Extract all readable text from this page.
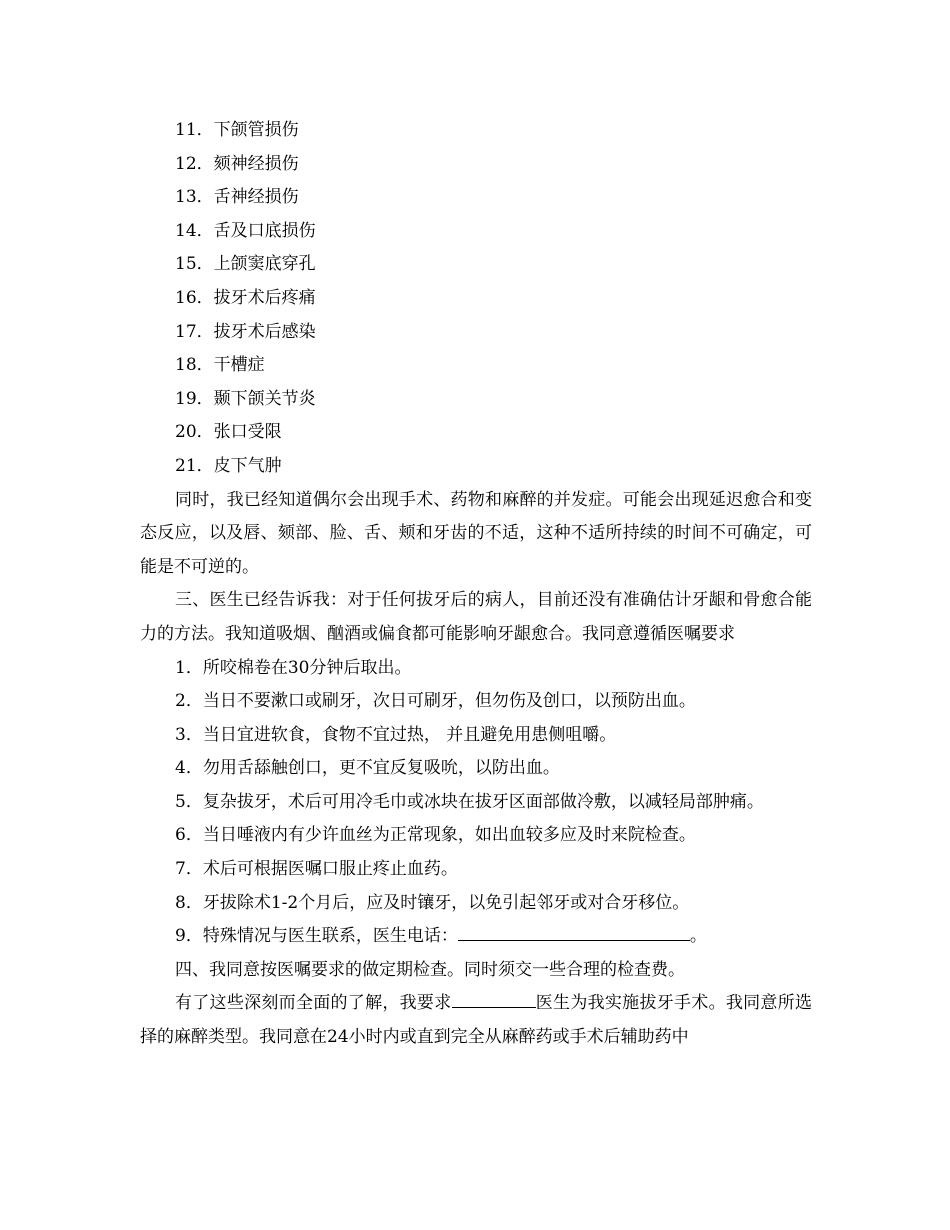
11．下颌管损伤
12．颏神经损伤
13．舌神经损伤
14．舌及口底损伤
15．上颌窦底穿孔
16．拔牙术后疼痛
17．拔牙术后感染
18．干槽症
19．颞下颌关节炎
20．张口受限
21．皮下气肿

同时，我已经知道偶尔会出现手术、药物和麻醉的并发症。可能会出现延迟愈合和变态反应，以及唇、颏部、脸、舌、颊和牙齿的不适，这种不适所持续的时间不可确定，可能是不可逆的。

三、医生已经告诉我：对于任何拔牙后的病人，目前还没有准确估计牙龈和骨愈合能力的方法。我知道吸烟、酗酒或偏食都可能影响牙龈愈合。我同意遵循医嘱要求

1．所咬棉卷在30分钟后取出。
2．当日不要漱口或刷牙，次日可刷牙，但勿伤及创口，以预防出血。
3．当日宜进软食，食物不宜过热， 并且避免用患侧咀嚼。
4．勿用舌舔触创口，更不宜反复吸吮，以防出血。
5．复杂拔牙，术后可用冷毛巾或冰块在拔牙区面部做冷敷，以减轻局部肿痛。
6．当日唾液内有少许血丝为正常现象，如出血较多应及时来院检查。
7．术后可根据医嘱口服止疼止血药。
8．牙拔除术1-2个月后，应及时镶牙，以免引起邻牙或对合牙移位。
9．特殊情况与医生联系，医生电话：	。

四、我同意按医嘱要求的做定期检查。同时须交一些合理的检查费。

有了这些深刻而全面的了解，我要求	医生为我实施拔牙手术。我同意所选择的麻醉类型。我同意在24小时内或直到完全从麻醉药或手术后辅助药中
